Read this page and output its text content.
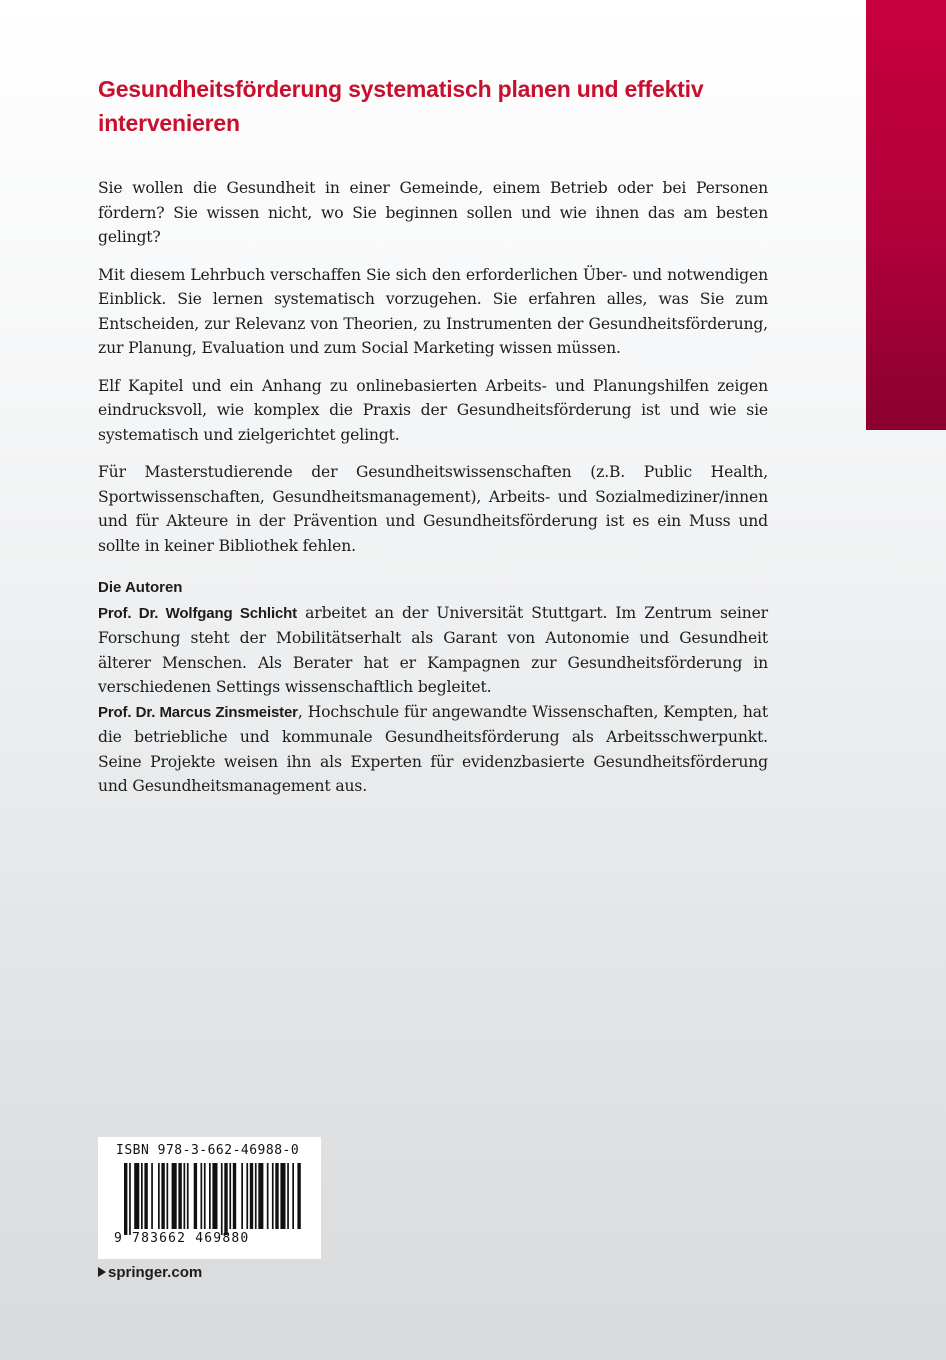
Gesundheitsförderung systematisch planen und effektiv intervenieren

Sie wollen die Gesundheit in einer Gemeinde, einem Betrieb oder bei Personen fördern? Sie wissen nicht, wo Sie beginnen sollen und wie ihnen das am besten gelingt?

Mit diesem Lehrbuch verschaffen Sie sich den erforderlichen Über- und notwendigen Einblick. Sie lernen systematisch vorzugehen. Sie erfahren alles, was Sie zum Entscheiden, zur Relevanz von Theorien, zu Instrumenten der Gesundheitsförderung, zur Planung, Evaluation und zum Social Marketing wissen müssen.

Elf Kapitel und ein Anhang zu onlinebasierten Arbeits- und Planungshilfen zeigen eindrucksvoll, wie komplex die Praxis der Gesundheitsförderung ist und wie sie systematisch und zielgerichtet gelingt.

Für Masterstudierende der Gesundheitswissenschaften (z.B. Public Health, Sportwissenschaften, Gesundheitsmanagement), Arbeits- und Sozialmediziner/innen und für Akteure in der Prävention und Gesundheitsförderung ist es ein Muss und sollte in keiner Bibliothek fehlen.

Die Autoren

Prof. Dr. Wolfgang Schlicht arbeitet an der Universität Stuttgart. Im Zentrum seiner Forschung steht der Mobilitätserhalt als Garant von Autonomie und Gesundheit älterer Menschen. Als Berater hat er Kampagnen zur Gesundheitsförderung in verschiedenen Settings wissenschaftlich begleitet.

Prof. Dr. Marcus Zinsmeister, Hochschule für angewandte Wissenschaften, Kempten, hat die betriebliche und kommunale Gesundheitsförderung als Arbeitsschwerpunkt. Seine Projekte weisen ihn als Experten für evidenzbasierte Gesundheitsförderung und Gesundheitsmanagement aus.

ISBN 978-3-662-46988-0
9 783662 469880
springer.com
